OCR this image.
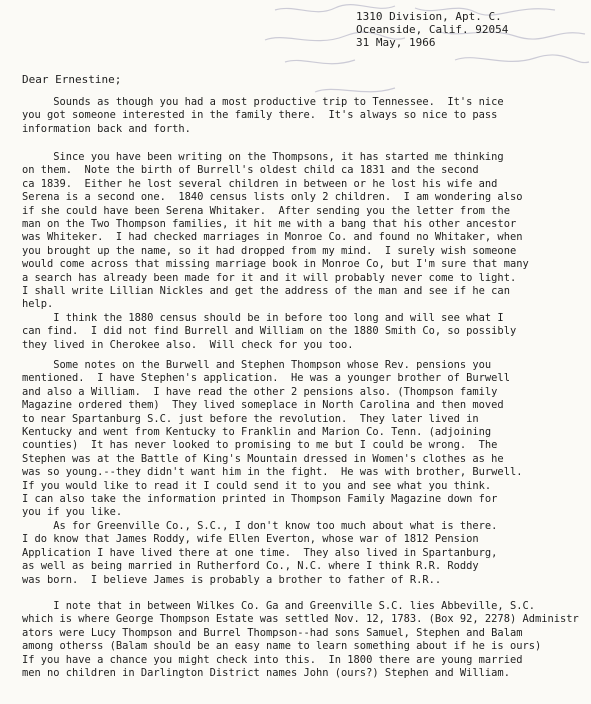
1310 Division, Apt. C.
Oceanside, Calif. 92054
31 May, 1966
Dear Ernestine;
Sounds as though you had a most productive trip to Tennessee.  It's nice
you got someone interested in the family there.  It's always so nice to pass
information back and forth.
Since you have been writing on the Thompsons, it has started me thinking
on them.  Note the birth of Burrell's oldest child ca 1831 and the second
ca 1839.  Either he lost several children in between or he lost his wife and
Serena is a second one.  1840 census lists only 2 children.  I am wondering also
if she could have been Serena Whitaker.  After sending you the letter from the
man on the Two Thompson families, it hit me with a bang that his other ancestor
was Whiteker.  I had checked marriages in Monroe Co. and found no Whitaker, when
you brought up the name, so it had dropped from my mind.  I surely wish someone
would come across that missing marriage book in Monroe Co, but I'm sure that many
a search has already been made for it and it will probably never come to light.
I shall write Lillian Nickles and get the address of the man and see if he can
help.
I think the 1880 census should be in before too long and will see what I
can find.  I did not find Burrell and William on the 1880 Smith Co, so possibly
they lived in Cherokee also.  Will check for you too.
Some notes on the Burwell and Stephen Thompson whose Rev. pensions you
mentioned.  I have Stephen's application.  He was a younger brother of Burwell
and also a William.  I have read the other 2 pensions also. (Thompson family
Magazine ordered them)  They lived someplace in North Carolina and then moved
to near Spartanburg S.C. just before the revolution.  They later lived in
Kentucky and went from Kentucky to Franklin and Marion Co. Tenn. (adjoining
counties)  It has never looked to promising to me but I could be wrong.  The
Stephen was at the Battle of King's Mountain dressed in Women's clothes as he
was so young.--they didn't want him in the fight.  He was with brother, Burwell.
If you would like to read it I could send it to you and see what you think.
I can also take the information printed in Thompson Family Magazine down for
you if you like.
As for Greenville Co., S.C., I don't know too much about what is there.
I do know that James Roddy, wife Ellen Everton, whose war of 1812 Pension
Application I have lived there at one time.  They also lived in Spartanburg,
as well as being married in Rutherford Co., N.C. where I think R.R. Roddy
was born.  I believe James is probably a brother to father of R.R..
I note that in between Wilkes Co. Ga and Greenville S.C. lies Abbeville, S.C.
which is where George Thompson Estate was settled Nov. 12, 1783. (Box 92, 2278) Administr
ators were Lucy Thompson and Burrel Thompson--had sons Samuel, Stephen and Balam
among otherss (Balam should be an easy name to learn something about if he is ours)
If you have a chance you might check into this.  In 1800 there are young married
men no children in Darlington District names John (ours?) Stephen and William.
